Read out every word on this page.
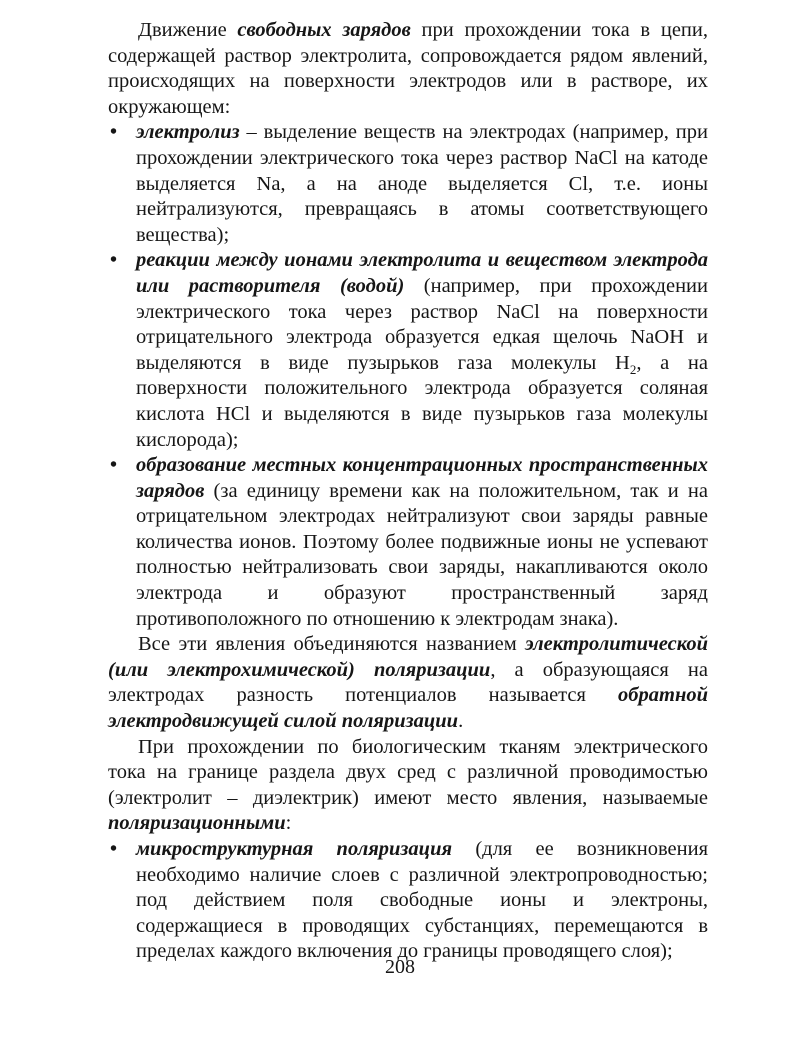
Движение свободных зарядов при прохождении тока в цепи, содержащей раствор электролита, сопровождается рядом явлений, происходящих на поверхности электродов или в растворе, их окружающем:

• электролиз – выделение веществ на электродах (например, при прохождении электрического тока через раствор NaCl на катоде выделяется Na, а на аноде выделяется Cl, т.е. ионы нейтрализуются, превращаясь в атомы соответствующего вещества);
• реакции между ионами электролита и веществом электрода или растворителя (водой) (например, при прохождении электрического тока через раствор NaCl на поверхности отрицательного электрода образуется едкая щелочь NaOH и выделяются в виде пузырьков газа молекулы $H_2$, а на поверхности положительного электрода образуется соляная кислота HCl и выделяются в виде пузырьков газа молекулы кислорода);
• образование местных концентрационных пространственных зарядов (за единицу времени как на положительном, так и на отрицательном электродах нейтрализуют свои заряды равные количества ионов. Поэтому более подвижные ионы не успевают полностью нейтрализовать свои заряды, накапливаются около электрода и образуют пространственный заряд противоположного по отношению к электродам знака).

Все эти явления объединяются названием электролитической (или электрохимической) поляризации, а образующаяся на электродах разность потенциалов называется обратной электродвижущей силой поляризации.

При прохождении по биологическим тканям электрического тока на границе раздела двух сред с различной проводимостью (электролит – диэлектрик) имеют место явления, называемые поляризационными:

• микроструктурная поляризация (для ее возникновения необходимо наличие слоев с различной электропроводностью; под действием поля свободные ионы и электроны, содержащиеся в проводящих субстанциях, перемещаются в пределах каждого включения до границы проводящего слоя);
208
